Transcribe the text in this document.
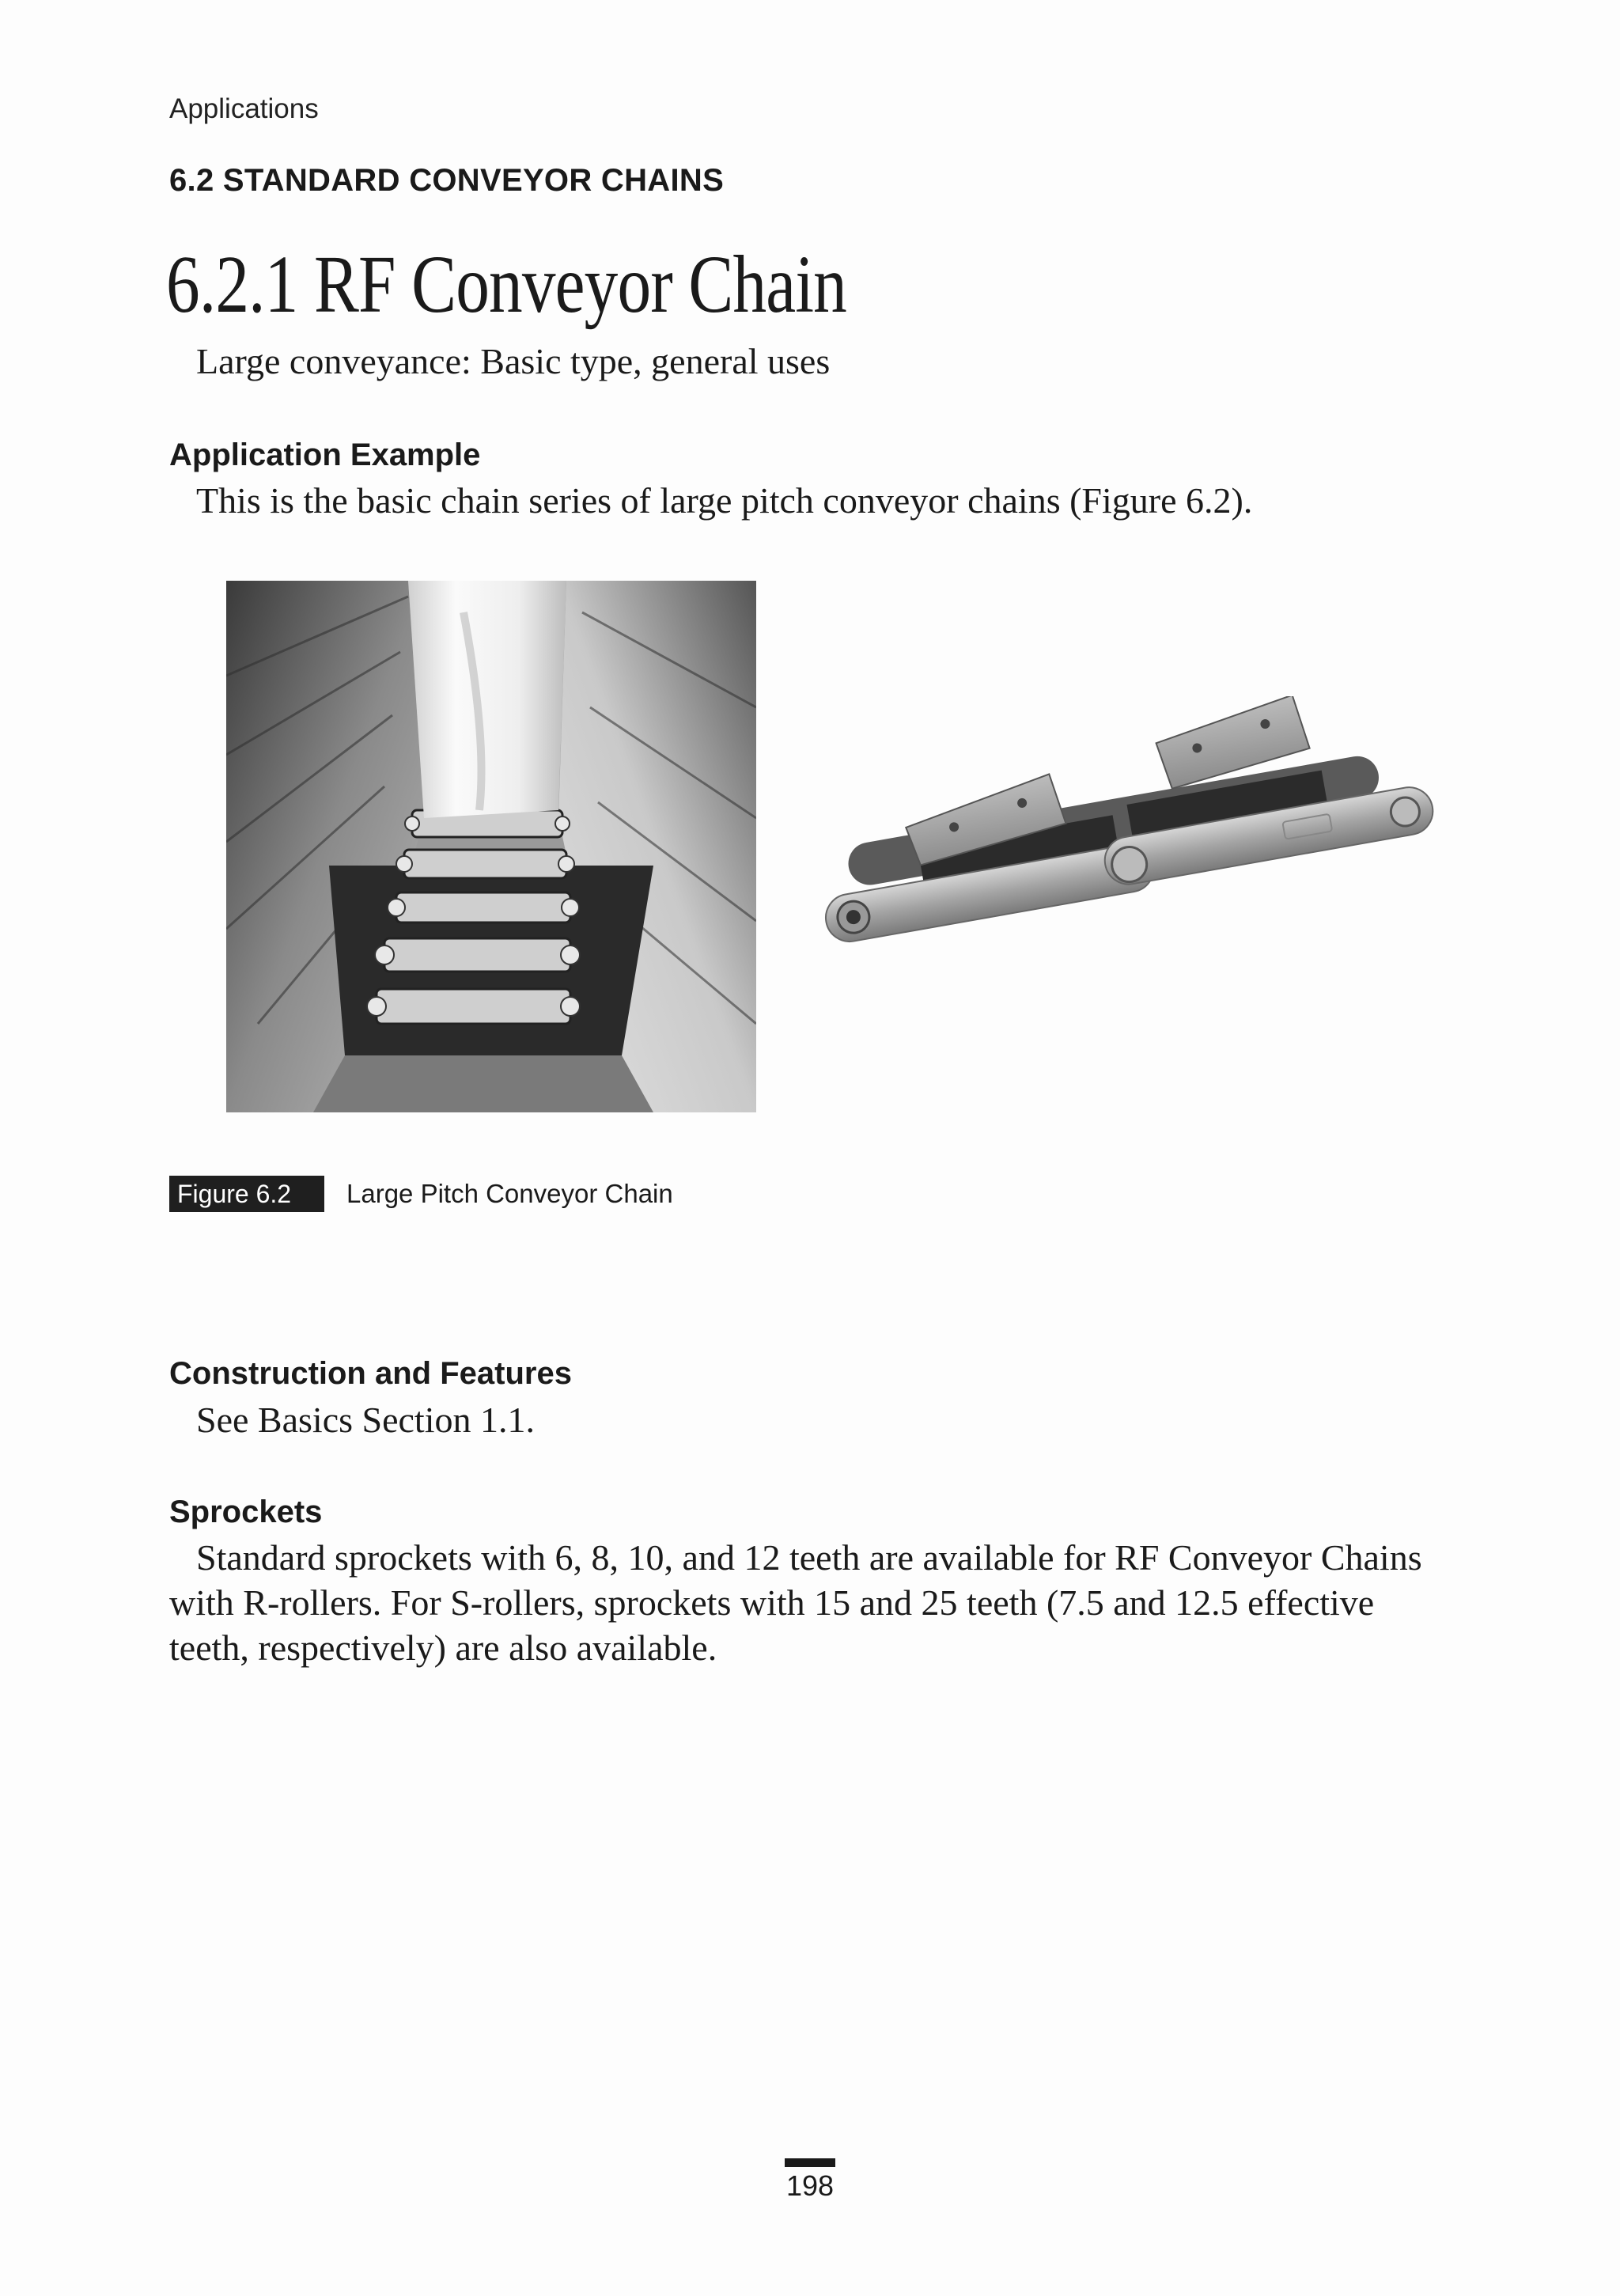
Applications
6.2 STANDARD CONVEYOR CHAINS
6.2.1 RF Conveyor Chain
Large conveyance: Basic type, general uses
Application Example
This is the basic chain series of large pitch conveyor chains (Figure 6.2).
Figure 6.2	Large Pitch Conveyor Chain
Construction and Features
See Basics Section 1.1.
Sprockets
Standard sprockets with 6, 8, 10, and 12 teeth are available for RF Conveyor Chains with R-rollers. For S-rollers, sprockets with 15 and 25 teeth (7.5 and 12.5 effective teeth, respectively) are also available.
198
